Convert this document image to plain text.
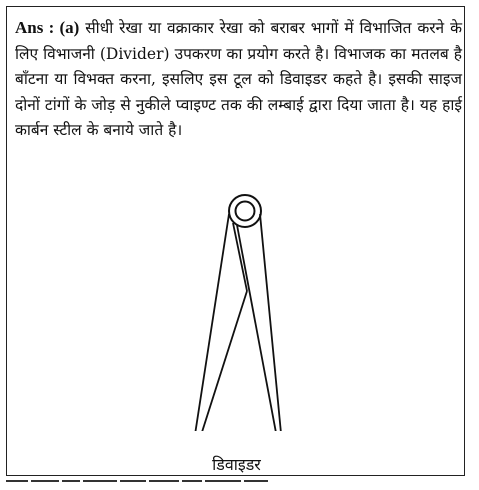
Ans : (a) सीधी रेखा या वक्राकार रेखा को बराबर भागों में विभाजित करने के लिए विभाजनी (Divider) उपकरण का प्रयोग करते है। विभाजक का मतलब है बाँटना या विभक्त करना, इसलिए इस टूल को डिवाइडर कहते है। इसकी साइज दोनों टांगों के जोड़ से नुकीले प्वाइण्ट तक की लम्बाई द्वारा दिया जाता है। यह हाई कार्बन स्टील के बनाये जाते है।

डिवाइडर
